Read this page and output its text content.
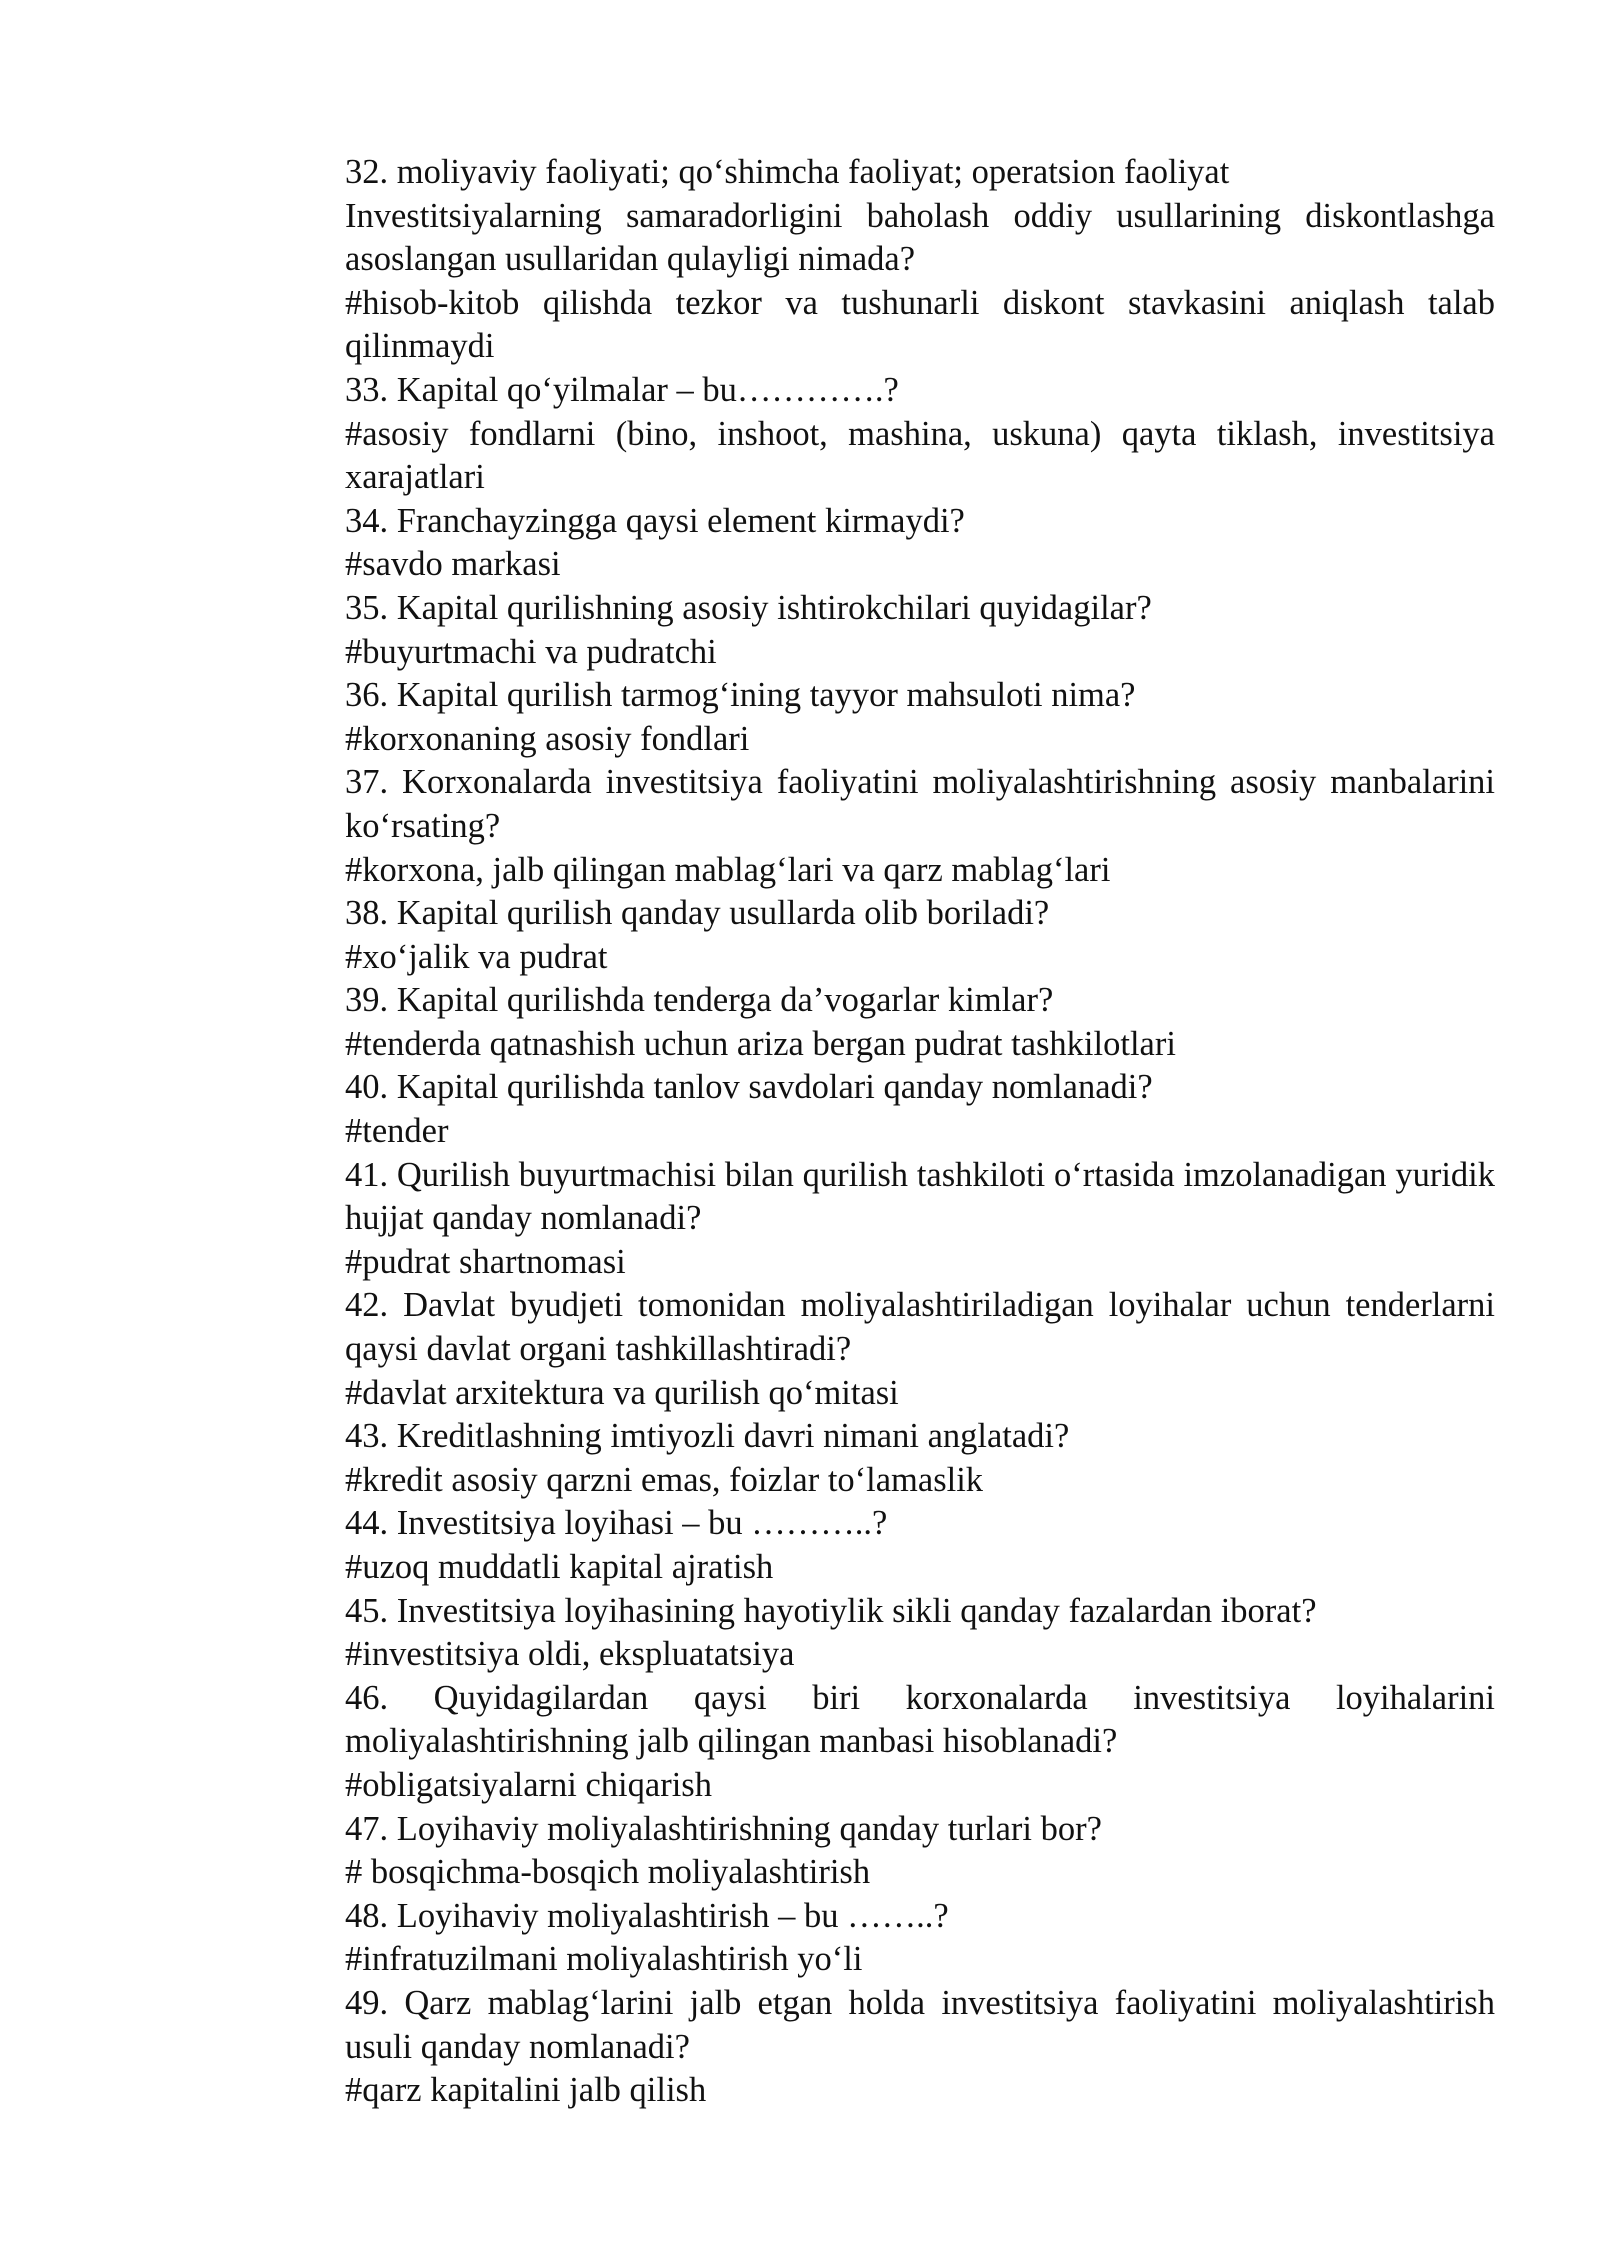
32. moliyaviy faoliyati; qo‘shimcha faoliyat; operatsion faoliyat

Investitsiyalarning samaradorligini baholash oddiy usullarining diskontlashga asoslangan usullaridan qulayligi nimada?

#hisob-kitob qilishda tezkor va tushunarli diskont stavkasini aniqlash talab qilinmaydi

33. Kapital qo‘yilmalar – bu………….?

#asosiy fondlarni (bino, inshoot, mashina, uskuna) qayta tiklash, investitsiya xarajatlari

34. Franchayzingga qaysi element kirmaydi?

#savdo markasi

35. Kapital qurilishning asosiy ishtirokchilari quyidagilar?

#buyurtmachi va pudratchi

36. Kapital qurilish tarmog‘ining tayyor mahsuloti nima?

#korxonaning asosiy fondlari

37. Korxonalarda investitsiya faoliyatini moliyalashtirishning asosiy manbalarini ko‘rsating?

#korxona, jalb qilingan mablag‘lari va qarz mablag‘lari

38. Kapital qurilish qanday usullarda olib boriladi?

#xo‘jalik va pudrat

39. Kapital qurilishda tenderga da’vogarlar kimlar?

#tenderda qatnashish uchun ariza bergan pudrat tashkilotlari

40. Kapital qurilishda tanlov savdolari qanday nomlanadi?

#tender

41. Qurilish buyurtmachisi bilan qurilish tashkiloti o‘rtasida imzolanadigan yuridik hujjat qanday nomlanadi?

#pudrat shartnomasi

42. Davlat byudjeti tomonidan moliyalashtiriladigan loyihalar uchun tenderlarni qaysi davlat organi tashkillashtiradi?

#davlat arxitektura va qurilish qo‘mitasi

43. Kreditlashning imtiyozli davri nimani anglatadi?

#kredit asosiy qarzni emas, foizlar to‘lamaslik

44. Investitsiya loyihasi – bu ………..?

#uzoq muddatli kapital ajratish

45. Investitsiya loyihasining hayotiylik sikli qanday fazalardan iborat?

#investitsiya oldi, ekspluatatsiya

46. Quyidagilardan qaysi biri korxonalarda investitsiya loyihalarini moliyalashtirishning jalb qilingan manbasi hisoblanadi?

#obligatsiyalarni chiqarish

47. Loyihaviy moliyalashtirishning qanday turlari bor?

# bosqichma-bosqich moliyalashtirish

48. Loyihaviy moliyalashtirish – bu ……..?

#infratuzilmani moliyalashtirish yo‘li

49. Qarz mablag‘larini jalb etgan holda investitsiya faoliyatini moliyalashtirish usuli qanday nomlanadi?

#qarz kapitalini jalb qilish
